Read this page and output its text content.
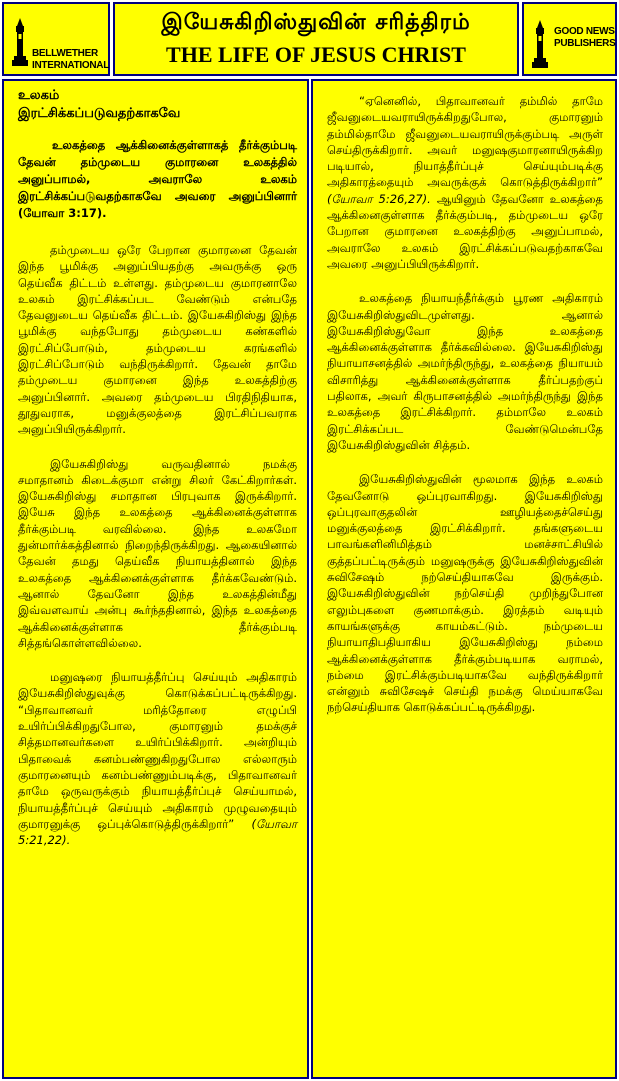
BELLWETHER
INTERNATIONAL
இயேசுகிறிஸ்துவின் சரித்திரம்
THE LIFE OF JESUS CHRIST
GOOD NEWS
PUBLISHERS
உலகம்
இரட்சிக்கப்படுவதற்காகவே

உலகத்தை ஆக்கினைக்குள்ளாகத் தீர்க்கும்படி தேவன் தம்முடைய குமாரனை உலகத்தில் அனுப்பாமல், அவராலே உலகம் இரட்சிக்கப்படுவதற்காகவே அவரை அனுப்பினார் (யோவா 3:17).

தம்முடைய ஒரே பேறான குமாரனை தேவன் இந்த பூமிக்கு அனுப்பியதற்கு அவருக்கு ஒரு தெய்வீக திட்டம் உள்ளது. தம்முடைய குமாரனாலே உலகம் இரட்சிக்கப்பட வேண்டும் என்பதே தேவனுடைய தெய்வீக திட்டம். இயேசுகிறிஸ்து இந்த பூமிக்கு வந்தபோது தம்முடைய கண்களில் இரட்சிப்போடும், தம்முடைய கரங்களில் இரட்சிப்போடும் வந்திருக்கிறார். தேவன் தாமே தம்முடைய குமாரனை இந்த உலகத்திற்கு அனுப்பினார். அவரை தம்முடைய பிரதிநிதியாக, தூதுவராக, மனுக்குலத்தை இரட்சிப்பவராக அனுப்பியிருக்கிறார்.

இயேசுகிறிஸ்து வருவதினால் நமக்கு சமாதானம் கிடைக்குமா என்று சிலர் கேட்கிறார்கள். இயேசுகிறிஸ்து சமாதான பிரபுவாக இருக்கிறார். இயேசு இந்த உலகத்தை ஆக்கினைக்குள்ளாக தீர்க்கும்படி வரவில்லை. இந்த உலகமோ துன்மார்க்கத்தினால் நிறைந்திருக்கிறது. ஆகையினால் தேவன் தமது தெய்வீக நியாயத்தினால் இந்த உலகத்தை ஆக்கினைக்குள்ளாக தீர்க்கவேண்டும். ஆனால் தேவனோ இந்த உலகத்தின்மீது இவ்வளவாய் அன்பு கூர்ந்ததினால், இந்த உலகத்தை ஆக்கினைக்குள்ளாக தீர்க்கும்படி சித்தங்கொள்ளவில்லை.

மனுஷரை நியாயத்தீர்ப்பு செய்யும் அதிகாரம் இயேசுகிறிஸ்துவுக்கு கொடுக்கப்பட்டிருக்கிறது. “பிதாவானவர் மரித்தோரை எழுப்பி உயிர்ப்பிக்கிறதுபோல, குமாரனும் தமக்குச் சித்தமானவர்களை உயிர்ப்பிக்கிறார். அன்றியும் பிதாவைக் கனம்பண்ணுகிறதுபோல எல்லாரும் குமாரனையும் கனம்பண்ணும்படிக்கு, பிதாவானவர் தாமே ஒருவருக்கும் நியாயத்தீர்ப்புச் செய்யாமல், நியாயத்தீர்ப்புச் செய்யும் அதிகாரம் முழுவதையும் குமாரனுக்கு ஒப்புக்கொடுத்திருக்கிறார்” (யோவா 5:21,22).

“ஏனெனில், பிதாவானவர் தம்மில் தாமே ஜீவனுடையவராயிருக்கிறதுபோல, குமாரனும் தம்மில்தாமே ஜீவனுடையவராயிருக்கும்படி அருள் செய்திருக்கிறார். அவர் மனுஷகுமாரனாயிருக்கிற படியால், நியாத்தீர்ப்புச் செய்யும்படிக்கு அதிகாரத்தையும் அவருக்குக் கொடுத்திருக்கிறார்” (யோவா 5:26,27). ஆயினும் தேவனோ உலகத்தை ஆக்கினைகுள்ளாக தீர்க்கும்படி, தம்முடைய ஒரே பேறான குமாரனை உலகத்திற்கு அனுப்பாமல், அவராலே உலகம் இரட்சிக்கப்படுவதற்காகவே அவரை அனுப்பியிருக்கிறார்.

உலகத்தை நியாயந்தீர்க்கும் பூரண அதிகாரம் இயேசுகிறிஸ்துவிடமுள்ளது. ஆனால் இயேசுகிறிஸ்துவோ இந்த உலகத்தை ஆக்கினைக்குள்ளாக தீர்க்கவில்லை. இயேசுகிறிஸ்து நியாயாசனத்தில் அமர்ந்திருந்து, உலகத்தை நியாயம் விசாரித்து ஆக்கினைக்குள்ளாக தீர்ப்பதற்குப் பதிலாக, அவர் கிருபாசனத்தில் அமர்ந்திருந்து இந்த உலகத்தை இரட்சிக்கிறார். தம்மாலே உலகம் இரட்சிக்கப்பட வேண்டுமென்பதே இயேசுகிறிஸ்துவின் சித்தம்.

இயேசுகிறிஸ்துவின் மூலமாக இந்த உலகம் தேவனோடு ஒப்புரவாகிறது. இயேசுகிறிஸ்து ஒப்புரவாகுதலின் ஊழியத்தைச்செய்து மனுக்குலத்தை இரட்சிக்கிறார். தங்களுடைய பாவங்களினிமித்தம் மனச்சாட்சியில் குத்தப்பட்டிருக்கும் மனுஷருக்கு இயேசுகிறிஸ்துவின் சுவிசேஷம் நற்செய்தியாகவே இருக்கும். இயேசுகிறிஸ்துவின் நற்செய்தி முறிந்துபோன எலும்புகளை குணமாக்கும். இரத்தம் வடியும் காயங்களுக்கு காயம்கட்டும். நம்முடைய நியாயாதிபதியாகிய இயேசுகிறிஸ்து நம்மை ஆக்கினைக்குள்ளாக தீர்க்கும்படியாக வராமல், நம்மை இரட்சிக்கும்படியாகவே வந்திருக்கிறார் என்னும் சுவிசேஷச் செய்தி நமக்கு மெய்யாகவே நற்செய்தியாக கொடுக்கப்பட்டிருக்கிறது.
